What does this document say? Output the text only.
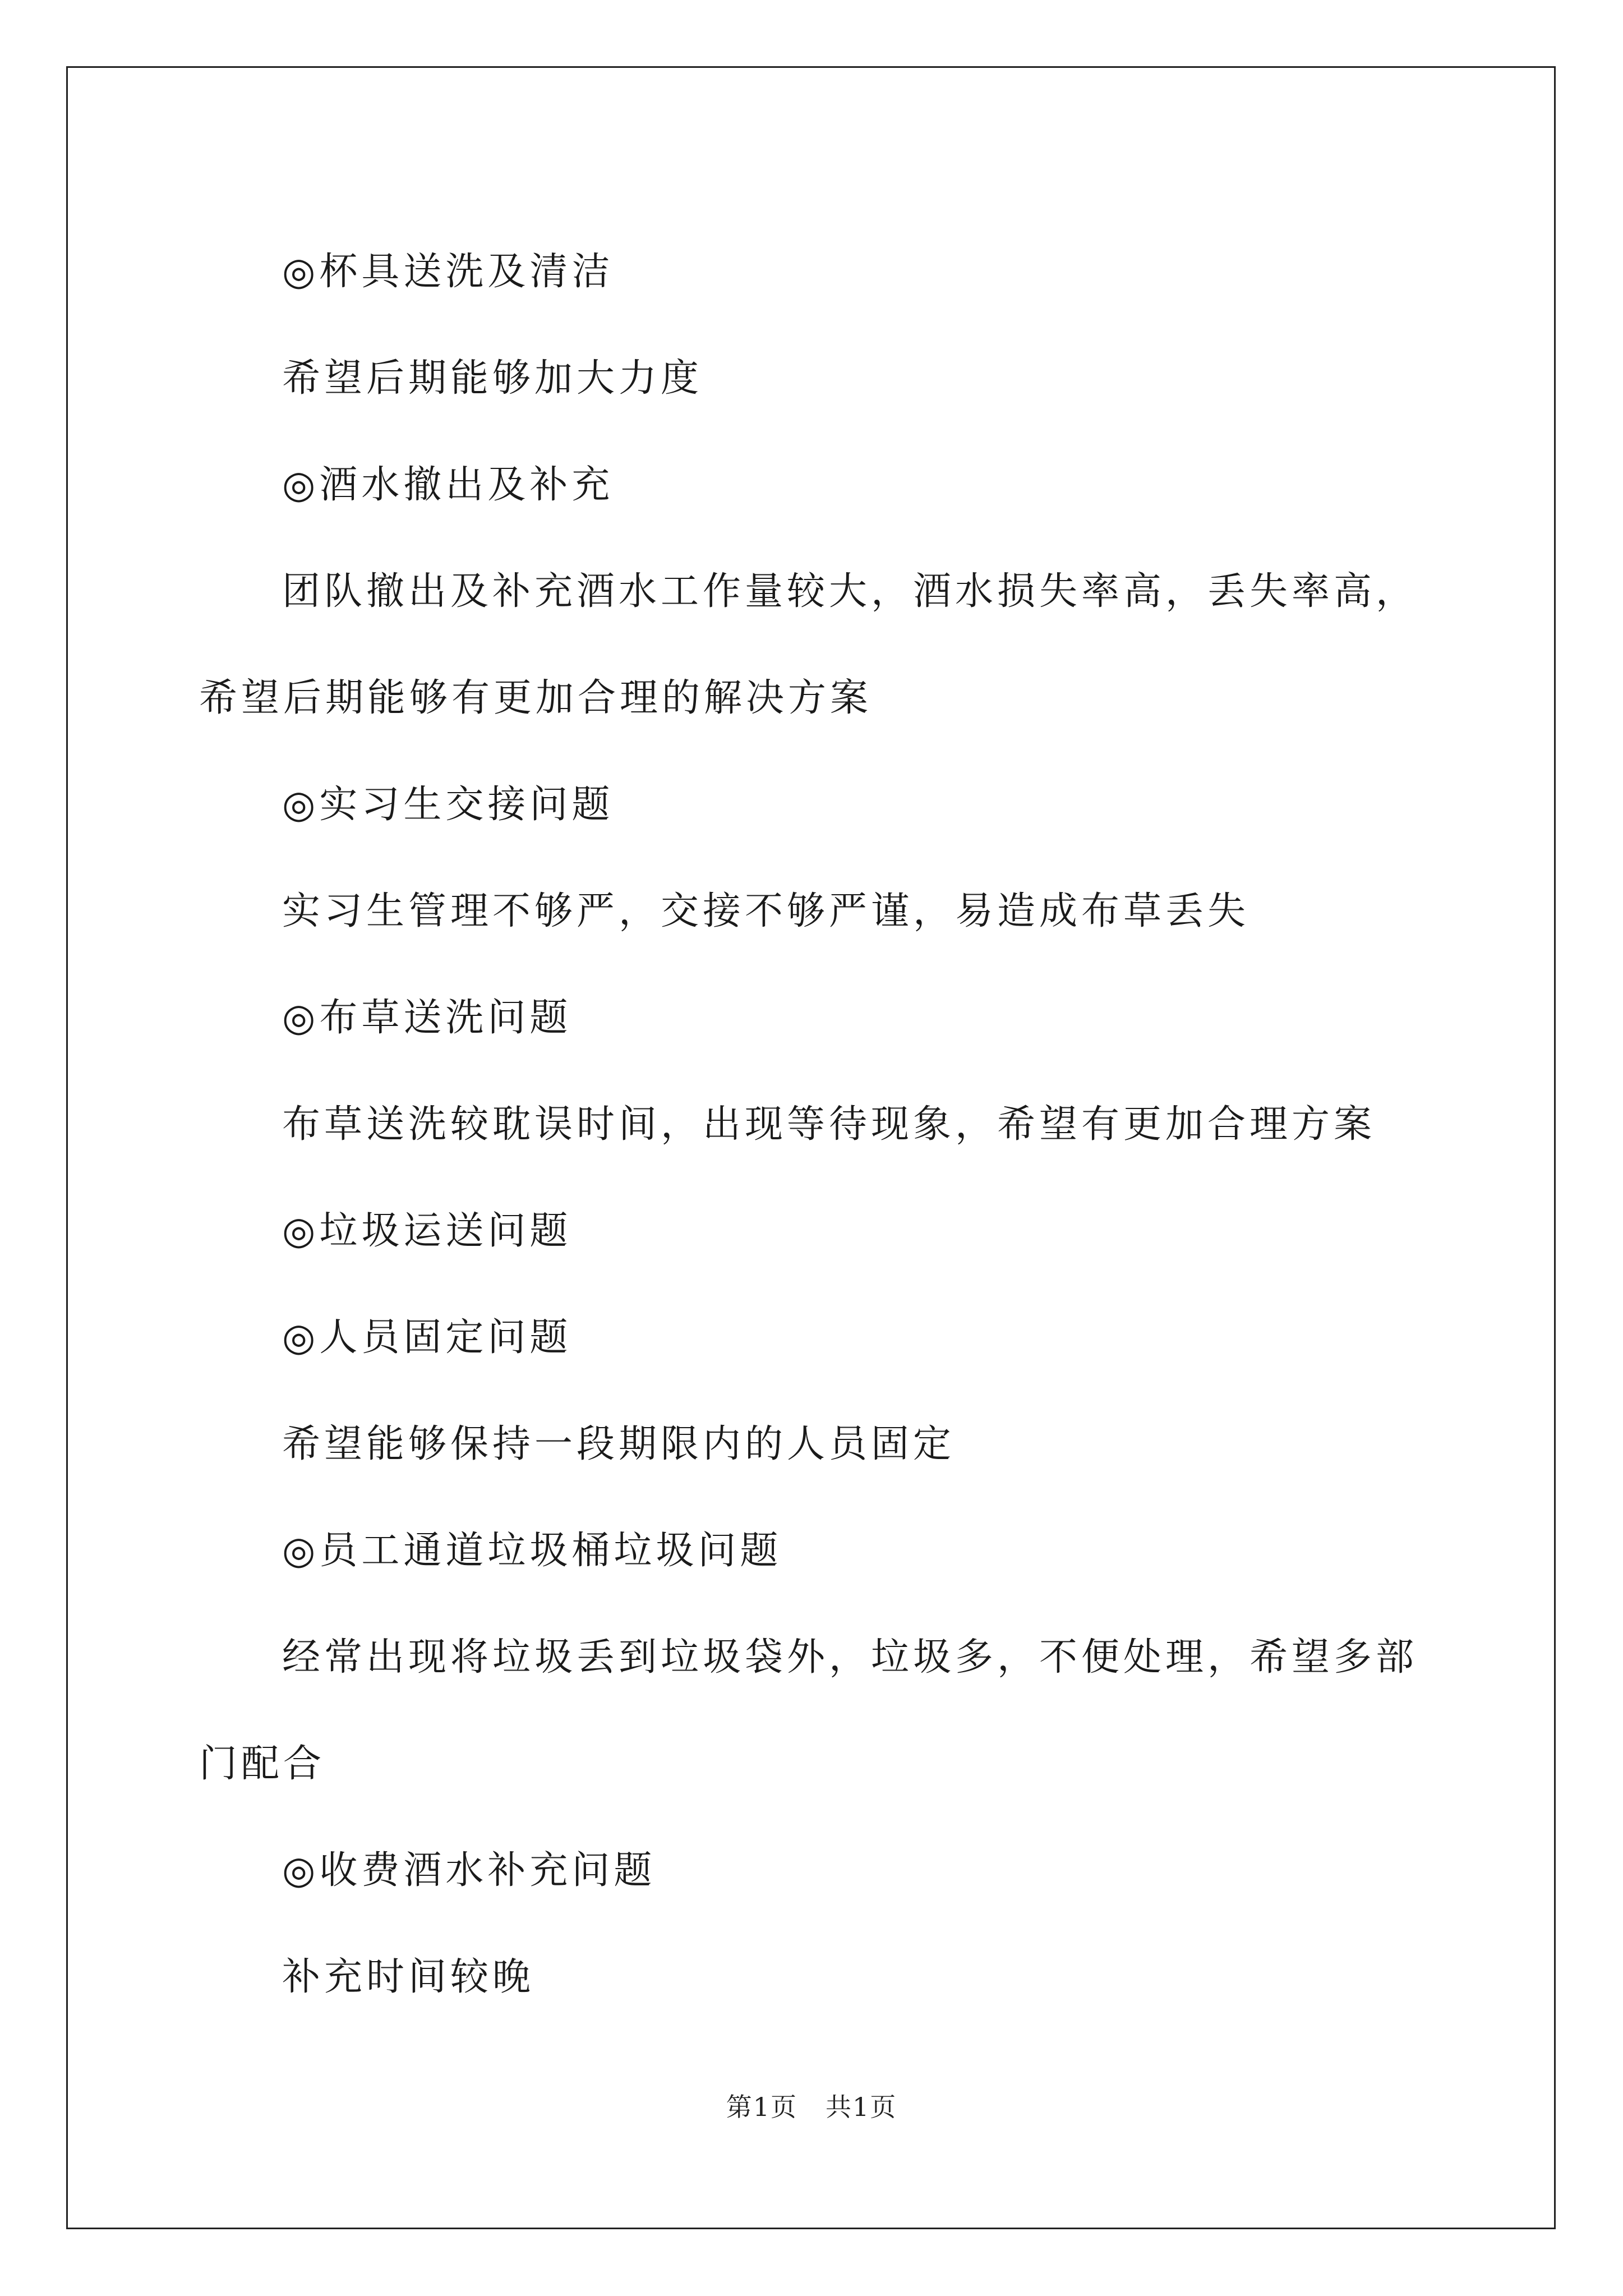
◎杯具送洗及清洁

希望后期能够加大力度

◎酒水撤出及补充

团队撤出及补充酒水工作量较大，酒水损失率高，丢失率高，希望后期能够有更加合理的解决方案

◎实习生交接问题

实习生管理不够严，交接不够严谨，易造成布草丢失

◎布草送洗问题

布草送洗较耽误时间，出现等待现象，希望有更加合理方案

◎垃圾运送问题

◎人员固定问题

希望能够保持一段期限内的人员固定

◎员工通道垃圾桶垃圾问题

经常出现将垃圾丢到垃圾袋外，垃圾多，不便处理，希望多部门配合

◎收费酒水补充问题

补充时间较晚

第1页 共1页
